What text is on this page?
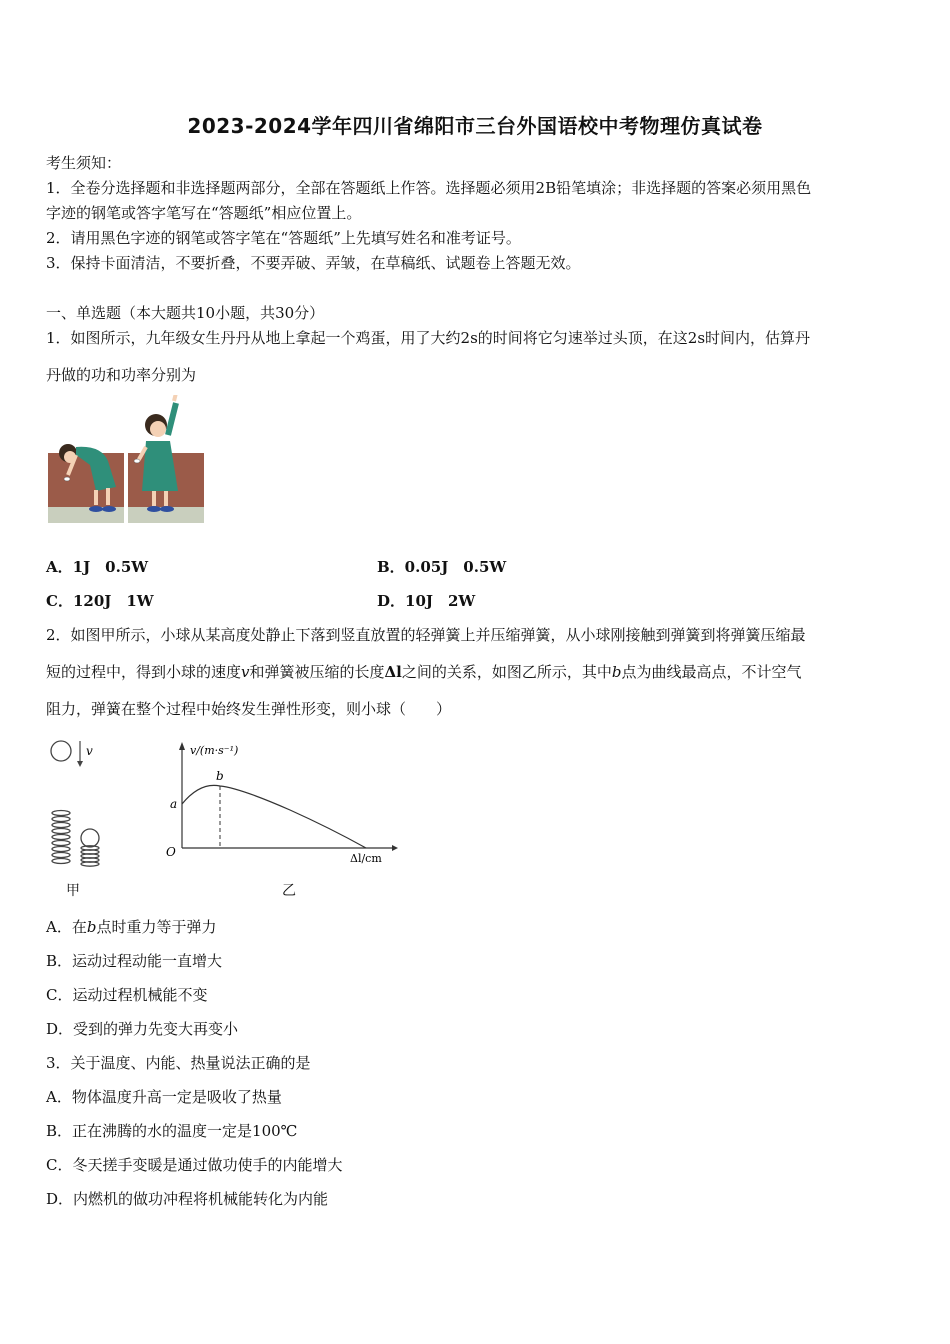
2023-2024学年四川省绵阳市三台外国语校中考物理仿真试卷
考生须知：
1．全卷分选择题和非选择题两部分，全部在答题纸上作答。选择题必须用2B铅笔填涂；非选择题的答案必须用黑色
字迹的钢笔或答字笔写在“答题纸”相应位置上。
2．请用黑色字迹的钢笔或答字笔在“答题纸”上先填写姓名和准考证号。
3．保持卡面清洁，不要折叠，不要弄破、弄皱，在草稿纸、试题卷上答题无效。
一、单选题（本大题共10小题，共30分）
1．如图所示，九年级女生丹丹从地上拿起一个鸡蛋，用了大约2s的时间将它匀速举过头顶，在这2s时间内，估算丹
丹做的功和功率分别为
A．1J　0.5W	B．0.05J　0.5W
C．120J　1W	D．10J　2W
2．如图甲所示，小球从某高度处静止下落到竖直放置的轻弹簧上并压缩弹簧，从小球刚接触到弹簧到将弹簧压缩最
短的过程中，得到小球的速度v和弹簧被压缩的长度Δl之间的关系，如图乙所示，其中b点为曲线最高点，不计空气
阻力，弹簧在整个过程中始终发生弹性形变，则小球（　　）
v
甲
v/(m·s⁻¹)
Δl/cm
O
a
b
乙
A．在b点时重力等于弹力
B．运动过程动能一直增大
C．运动过程机械能不变
D．受到的弹力先变大再变小
3．关于温度、内能、热量说法正确的是
A．物体温度升高一定是吸收了热量
B．正在沸腾的水的温度一定是100℃
C．冬天搓手变暖是通过做功使手的内能增大
D．内燃机的做功冲程将机械能转化为内能
